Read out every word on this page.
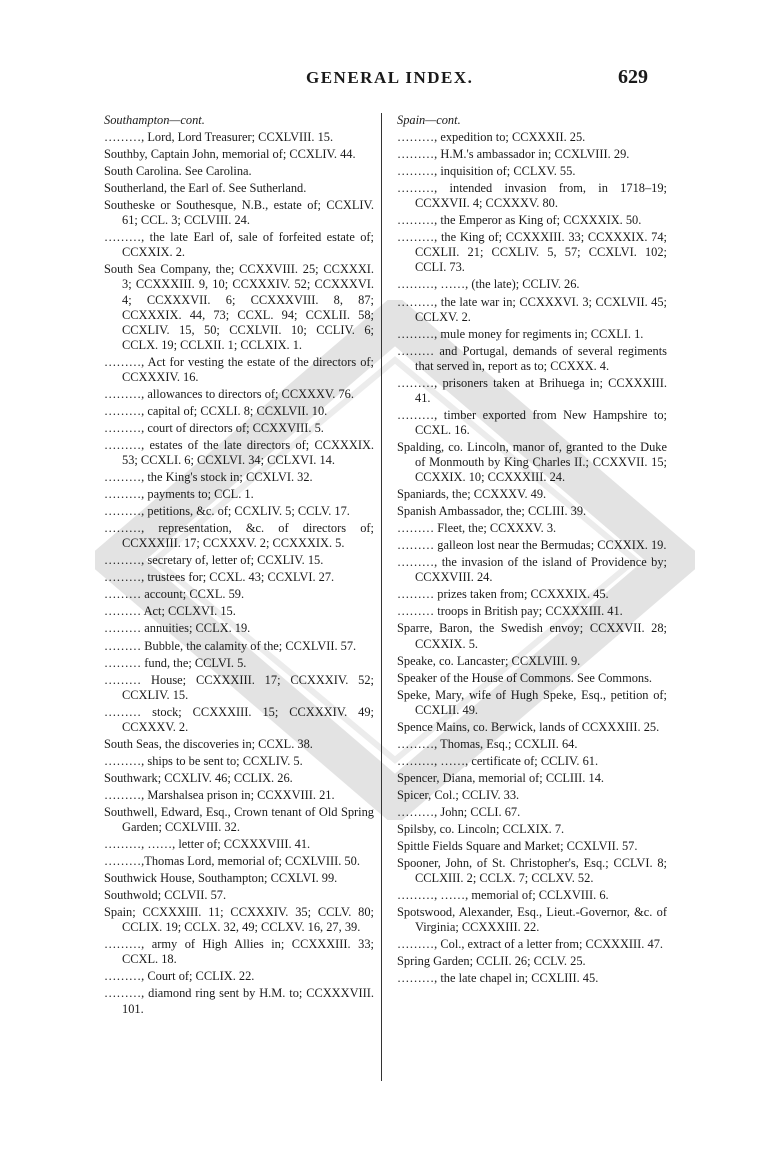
GENERAL INDEX.	629
Southampton—cont.
………, Lord, Lord Treasurer; CCXLVIII. 15.
Southby, Captain John, memorial of; CCXLIV. 44.
South Carolina. See Carolina.
Southerland, the Earl of. See Sutherland.
Southeske or Southesque, N.B., estate of; CCXLIV. 61; CCL. 3; CCLVIII. 24.
………, the late Earl of, sale of forfeited estate of; CCXXIX. 2.
South Sea Company, the; CCXXVIII. 25; CCXXXI. 3; CCXXXIII. 9, 10; CCXXXIV. 52; CCXXXVI. 4; CCXXXVII. 6; CCXXXVIII. 8, 87; CCXXXIX. 44, 73; CCXL. 94; CCXLII. 58; CCXLIV. 15, 50; CCXLVII. 10; CCLIV. 6; CCLX. 19; CCLXII. 1; CCLXIX. 1.
………, Act for vesting the estate of the directors of; CCXXXIV. 16.
………, allowances to directors of; CCXXXV. 76.
………, capital of; CCXLI. 8; CCXLVII. 10.
………, court of directors of; CCXXVIII. 5.
………, estates of the late directors of; CCXXXIX. 53; CCXLI. 6; CCXLVI. 34; CCLXVI. 14.
………, the King's stock in; CCXLVI. 32.
………, payments to; CCL. 1.
………, petitions, &c. of; CCXLIV. 5; CCLV. 17.
………, representation, &c. of directors of; CCXXXIII. 17; CCXXXV. 2; CCXXXIX. 5.
………, secretary of, letter of; CCXLIV. 15.
………, trustees for; CCXL. 43; CCXLVI. 27.
……… account; CCXL. 59.
……… Act; CCLXVI. 15.
……… annuities; CCLX. 19.
……… Bubble, the calamity of the; CCXLVII. 57.
……… fund, the; CCLVI. 5.
……… House; CCXXXIII. 17; CCXXXIV. 52; CCXLIV. 15.
……… stock; CCXXXIII. 15; CCXXXIV. 49; CCXXXV. 2.
South Seas, the discoveries in; CCXL. 38.
………, ships to be sent to; CCXLIV. 5.
Southwark; CCXLIV. 46; CCLIX. 26.
………, Marshalsea prison in; CCXXVIII. 21.
Southwell, Edward, Esq., Crown tenant of Old Spring Garden; CCXLVIII. 32.
………, ……, letter of; CCXXXVIII. 41.
………,Thomas Lord, memorial of; CCXLVIII. 50.
Southwick House, Southampton; CCXLVI. 99.
Southwold; CCLVII. 57.
Spain; CCXXXIII. 11; CCXXXIV. 35; CCLV. 80; CCLIX. 19; CCLX. 32, 49; CCLXV. 16, 27, 39.
………, army of High Allies in; CCXXXIII. 33; CCXL. 18.
………, Court of; CCLIX. 22.
………, diamond ring sent by H.M. to; CCXXXVIII. 101.
Spain—cont.
………, expedition to; CCXXXII. 25.
………, H.M.'s ambassador in; CCXLVIII. 29.
………, inquisition of; CCLXV. 55.
………, intended invasion from, in 1718–19; CCXXVII. 4; CCXXXV. 80.
………, the Emperor as King of; CCXXXIX. 50.
………, the King of; CCXXXIII. 33; CCXXXIX. 74; CCXLII. 21; CCXLIV. 5, 57; CCXLVI. 102; CCLI. 73.
………, ……, (the late); CCLIV. 26.
………, the late war in; CCXXXVI. 3; CCXLVII. 45; CCLXV. 2.
………, mule money for regiments in; CCXLI. 1.
……… and Portugal, demands of several regiments that served in, report as to; CCXXX. 4.
………, prisoners taken at Brihuega in; CCXXXIII. 41.
………, timber exported from New Hampshire to; CCXL. 16.
Spalding, co. Lincoln, manor of, granted to the Duke of Monmouth by King Charles II.; CCXXVII. 15; CCXXIX. 10; CCXXXIII. 24.
Spaniards, the; CCXXXV. 49.
Spanish Ambassador, the; CCLIII. 39.
……… Fleet, the; CCXXXV. 3.
……… galleon lost near the Bermudas; CCXXIX. 19.
………, the invasion of the island of Providence by; CCXXVIII. 24.
……… prizes taken from; CCXXXIX. 45.
……… troops in British pay; CCXXXIII. 41.
Sparre, Baron, the Swedish envoy; CCXXVII. 28; CCXXIX. 5.
Speake, co. Lancaster; CCXLVIII. 9.
Speaker of the House of Commons. See Commons.
Speke, Mary, wife of Hugh Speke, Esq., petition of; CCXLII. 49.
Spence Mains, co. Berwick, lands of CCXXXIII. 25.
………, Thomas, Esq.; CCXLII. 64.
………, ……, certificate of; CCLIV. 61.
Spencer, Diana, memorial of; CCLIII. 14.
Spicer, Col.; CCLIV. 33.
………, John; CCLI. 67.
Spilsby, co. Lincoln; CCLXIX. 7.
Spittle Fields Square and Market; CCXLVII. 57.
Spooner, John, of St. Christopher's, Esq.; CCLVI. 8; CCLXIII. 2; CCLX. 7; CCLXV. 52.
………, ……, memorial of; CCLXVIII. 6.
Spotswood, Alexander, Esq., Lieut.-Governor, &c. of Virginia; CCXXXIII. 22.
………, Col., extract of a letter from; CCXXXIII. 47.
Spring Garden; CCLII. 26; CCLV. 25.
………, the late chapel in; CCXLIII. 45.
